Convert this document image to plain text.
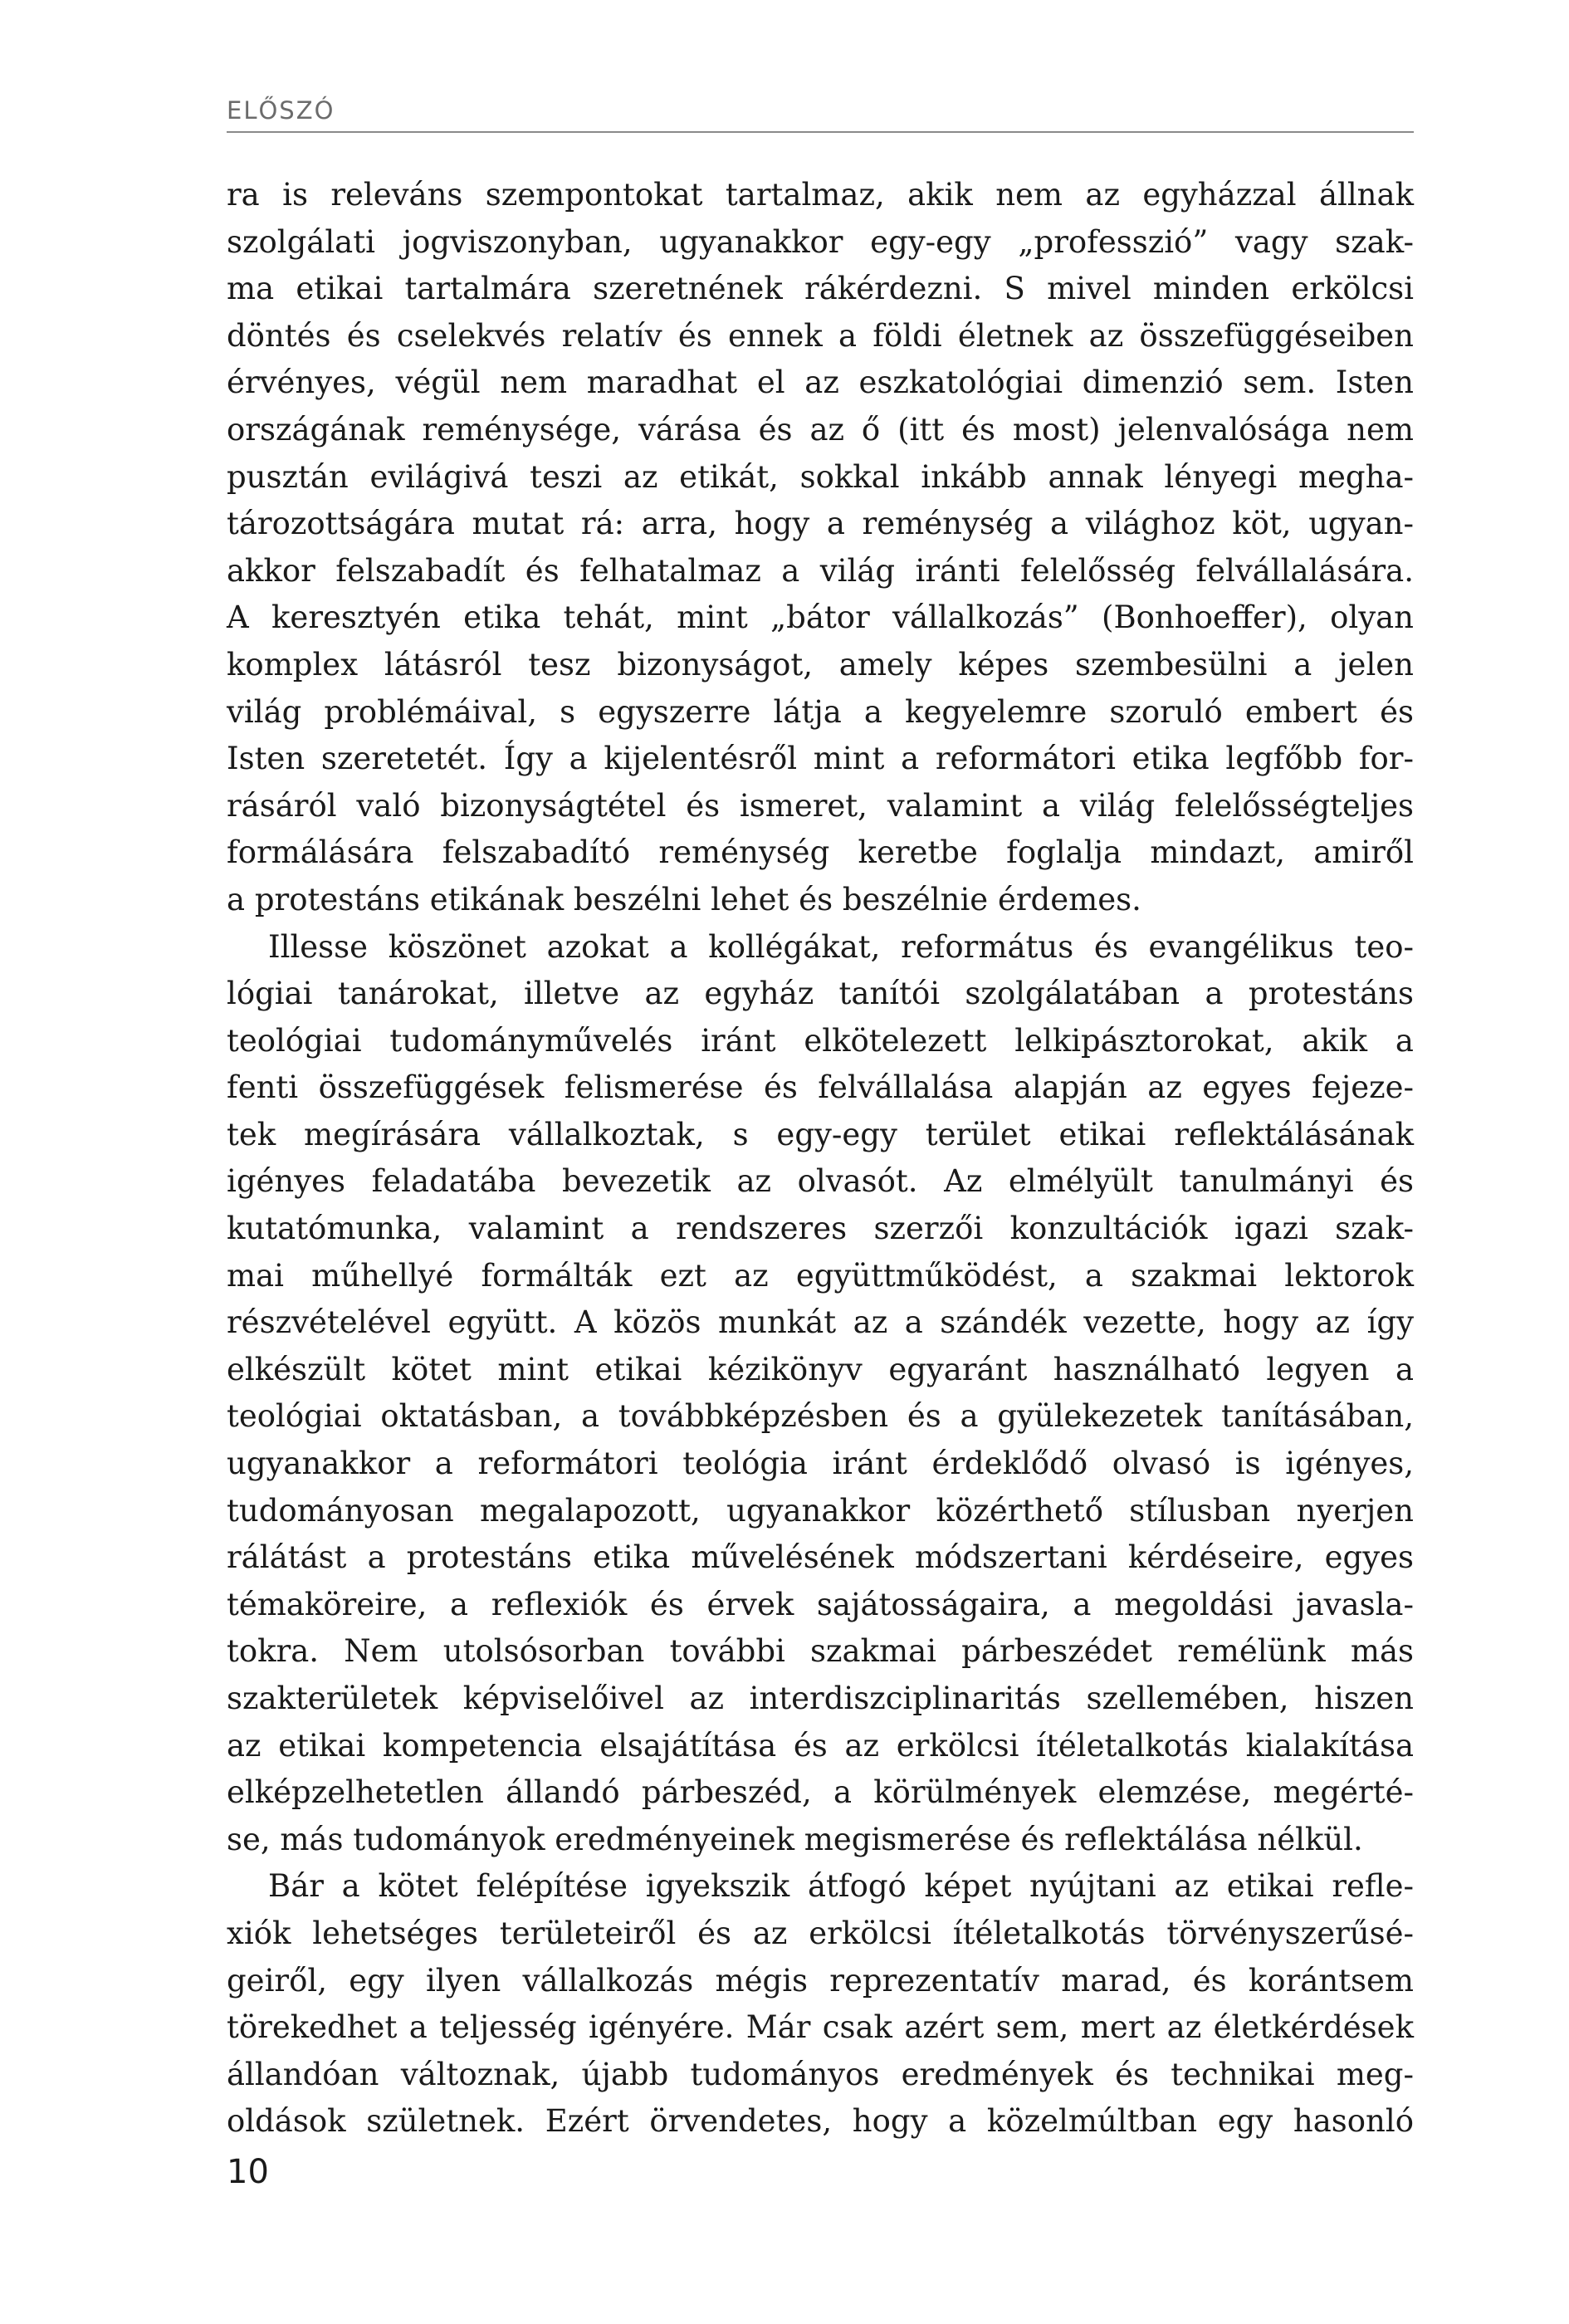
ELŐSZÓ
ra is releváns szempontokat tartalmaz, akik nem az egyházzal állnak
szolgálati jogviszonyban, ugyanakkor egy-egy „professzió” vagy szak-
ma etikai tartalmára szeretnének rákérdezni. S mivel minden erkölcsi
döntés és cselekvés relatív és ennek a földi életnek az összefüggéseiben
érvényes, végül nem maradhat el az eszkatológiai dimenzió sem. Isten
országának reménysége, várása és az ő (itt és most) jelenvalósága nem
pusztán evilágivá teszi az etikát, sokkal inkább annak lényegi megha-
tározottságára mutat rá: arra, hogy a reménység a világhoz köt, ugyan-
akkor felszabadít és felhatalmaz a világ iránti felelősség felvállalására.
A keresztyén etika tehát, mint „bátor vállalkozás” (Bonhoeffer), olyan
komplex látásról tesz bizonyságot, amely képes szembesülni a jelen
világ problémáival, s egyszerre látja a kegyelemre szoruló embert és
Isten szeretetét. Így a kijelentésről mint a reformátori etika legfőbb for-
rásáról való bizonyságtétel és ismeret, valamint a világ felelősségteljes
formálására felszabadító reménység keretbe foglalja mindazt, amiről
a protestáns etikának beszélni lehet és beszélnie érdemes.
Illesse köszönet azokat a kollégákat, református és evangélikus teo-
lógiai tanárokat, illetve az egyház tanítói szolgálatában a protestáns
teológiai tudományművelés iránt elkötelezett lelkipásztorokat, akik a
fenti összefüggések felismerése és felvállalása alapján az egyes fejeze-
tek megírására vállalkoztak, s egy-egy terület etikai reflektálásának
igényes feladatába bevezetik az olvasót. Az elmélyült tanulmányi és
kutatómunka, valamint a rendszeres szerzői konzultációk igazi szak-
mai műhellyé formálták ezt az együttműködést, a szakmai lektorok
részvételével együtt. A közös munkát az a szándék vezette, hogy az így
elkészült kötet mint etikai kézikönyv egyaránt használható legyen a
teológiai oktatásban, a továbbképzésben és a gyülekezetek tanításában,
ugyanakkor a reformátori teológia iránt érdeklődő olvasó is igényes,
tudományosan megalapozott, ugyanakkor közérthető stílusban nyerjen
rálátást a protestáns etika művelésének módszertani kérdéseire, egyes
témaköreire, a reflexiók és érvek sajátosságaira, a megoldási javasla-
tokra. Nem utolsósorban további szakmai párbeszédet remélünk más
szakterületek képviselőivel az interdiszciplinaritás szellemében, hiszen
az etikai kompetencia elsajátítása és az erkölcsi ítéletalkotás kialakítása
elképzelhetetlen állandó párbeszéd, a körülmények elemzése, megérté-
se, más tudományok eredményeinek megismerése és reflektálása nélkül.
Bár a kötet felépítése igyekszik átfogó képet nyújtani az etikai refle-
xiók lehetséges területeiről és az erkölcsi ítéletalkotás törvényszerűsé-
geiről, egy ilyen vállalkozás mégis reprezentatív marad, és korántsem
törekedhet a teljesség igényére. Már csak azért sem, mert az életkérdések
állandóan változnak, újabb tudományos eredmények és technikai meg-
oldások születnek. Ezért örvendetes, hogy a közelmúltban egy hasonló
10
